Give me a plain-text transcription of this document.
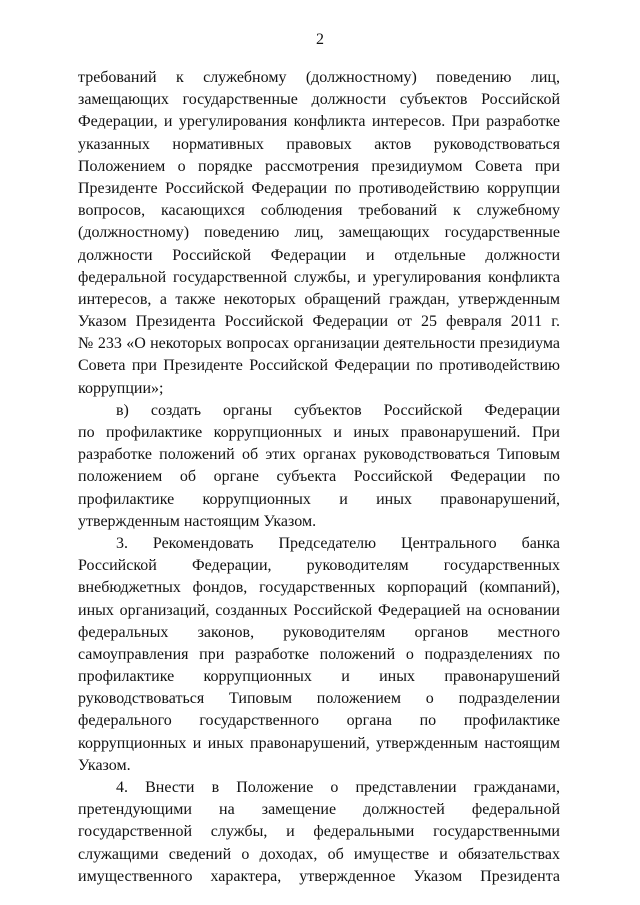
2
требований к служебному (должностному) поведению лиц,
замещающих государственные должности субъектов Российской
Федерации, и урегулирования конфликта интересов. При разработке
указанных нормативных правовых актов руководствоваться
Положением о порядке рассмотрения президиумом Совета при
Президенте Российской Федерации по противодействию коррупции
вопросов, касающихся соблюдения требований к служебному
(должностному) поведению лиц, замещающих государственные
должности Российской Федерации и отдельные должности
федеральной государственной службы, и урегулирования конфликта
интересов, а также некоторых обращений граждан, утвержденным
Указом Президента Российской Федерации от 25 февраля 2011 г.
№ 233 «О некоторых вопросах организации деятельности президиума
Совета при Президенте Российской Федерации по противодействию
коррупции»;
в) создать органы субъектов Российской Федерации
по профилактике коррупционных и иных правонарушений. При
разработке положений об этих органах руководствоваться Типовым
положением об органе субъекта Российской Федерации по
профилактике коррупционных и иных правонарушений,
утвержденным настоящим Указом.
3. Рекомендовать Председателю Центрального банка
Российской Федерации, руководителям государственных
внебюджетных фондов, государственных корпораций (компаний),
иных организаций, созданных Российской Федерацией на основании
федеральных законов, руководителям органов местного
самоуправления при разработке положений о подразделениях по
профилактике коррупционных и иных правонарушений
руководствоваться Типовым положением о подразделении
федерального государственного органа по профилактике
коррупционных и иных правонарушений, утвержденным настоящим
Указом.
4. Внести в Положение о представлении гражданами,
претендующими на замещение должностей федеральной
государственной службы, и федеральными государственными
служащими сведений о доходах, об имуществе и обязательствах
имущественного характера, утвержденное Указом Президента
